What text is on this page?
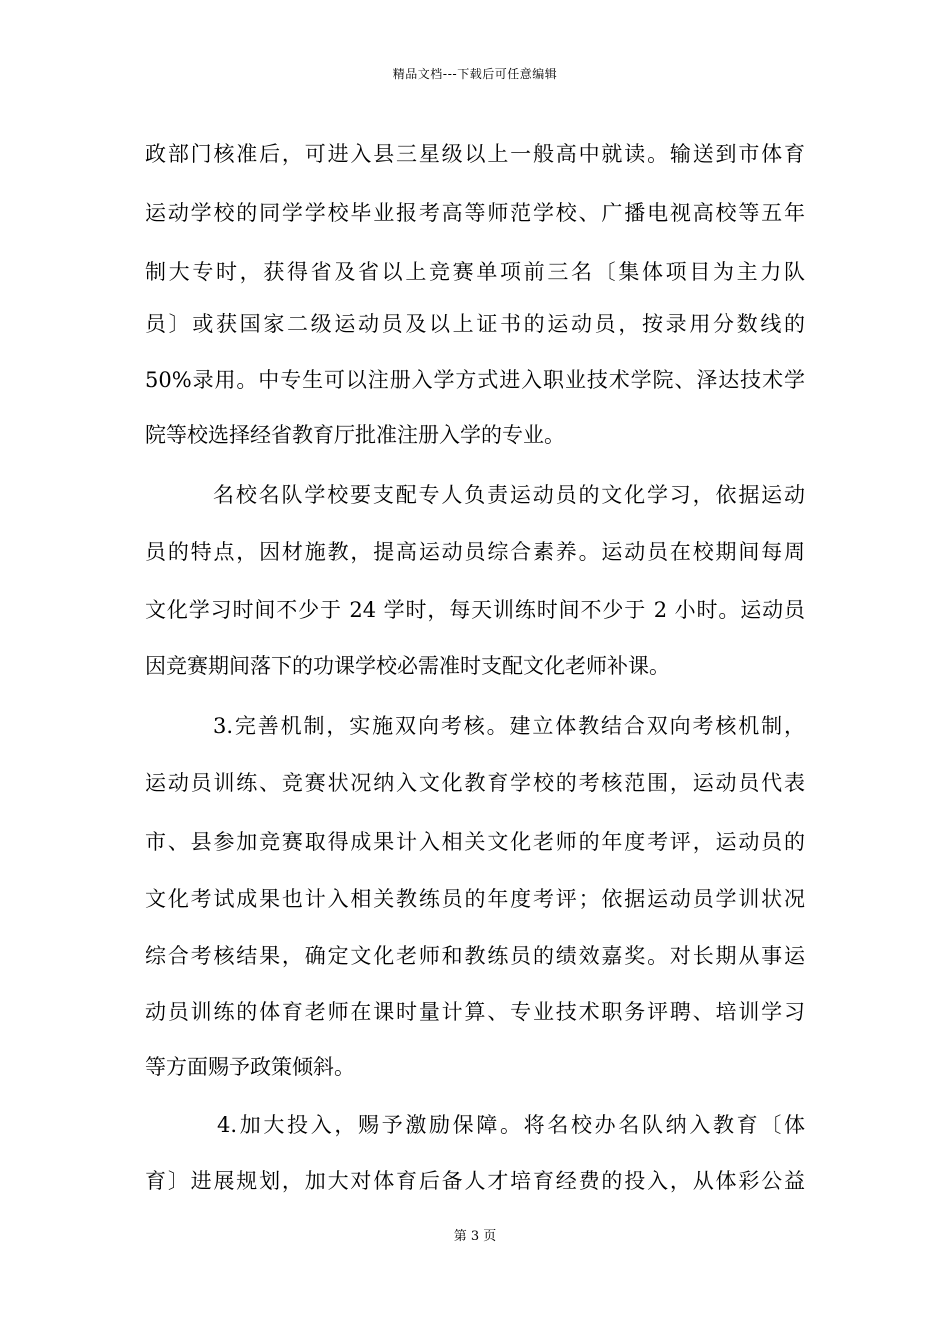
精品文档---下载后可任意编辑
政部门核准后，可进入县三星级以上一般高中就读。输送到市体育
运动学校的同学学校毕业报考高等师范学校、广播电视高校等五年
制大专时，获得省及省以上竞赛单项前三名〔集体项目为主力队
员〕或获国家二级运动员及以上证书的运动员，按录用分数线的
50%录用。中专生可以注册入学方式进入职业技术学院、泽达技术学
院等校选择经省教育厅批准注册入学的专业。
名校名队学校要支配专人负责运动员的文化学习，依据运动
员的特点，因材施教，提高运动员综合素养。运动员在校期间每周
文化学习时间不少于 24 学时，每天训练时间不少于 2 小时。运动员
因竞赛期间落下的功课学校必需准时支配文化老师补课。
3.完善机制，实施双向考核。建立体教结合双向考核机制，
运动员训练、竞赛状况纳入文化教育学校的考核范围，运动员代表
市、县参加竞赛取得成果计入相关文化老师的年度考评，运动员的
文化考试成果也计入相关教练员的年度考评；依据运动员学训状况
综合考核结果，确定文化老师和教练员的绩效嘉奖。对长期从事运
动员训练的体育老师在课时量计算、专业技术职务评聘、培训学习
等方面赐予政策倾斜。
4.加大投入，赐予激励保障。将名校办名队纳入教育〔体
育〕进展规划，加大对体育后备人才培育经费的投入，从体彩公益
第 3 页
